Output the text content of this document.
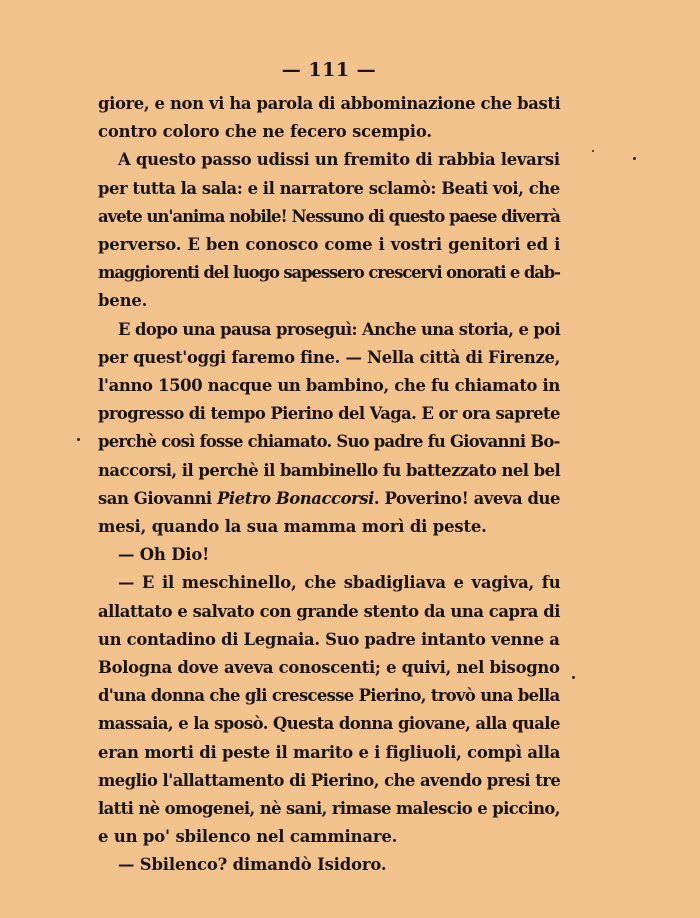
— 111 —

giore, e non vi ha parola di abbominazione che basti
contro coloro che ne fecero scempio.
A questo passo udissi un fremito di rabbia levarsi
per tutta la sala: e il narratore sclamò: Beati voi, che
avete un'anima nobile! Nessuno di questo paese diverrà
perverso. E ben conosco come i vostri genitori ed i
maggiorenti del luogo sapessero crescervi onorati e dab-
bene.
E dopo una pausa proseguì: Anche una storia, e poi
per quest'oggi faremo fine. — Nella città di Firenze,
l'anno 1500 nacque un bambino, che fu chiamato in
progresso di tempo Pierino del Vaga. E or ora saprete
perchè così fosse chiamato. Suo padre fu Giovanni Bo-
naccorsi, il perchè il bambinello fu battezzato nel bel
san Giovanni Pietro Bonaccorsi. Poverino! aveva due
mesi, quando la sua mamma morì di peste.
— Oh Dio!
— E il meschinello, che sbadigliava e vagiva, fu
allattato e salvato con grande stento da una capra di
un contadino di Legnaia. Suo padre intanto venne a
Bologna dove aveva conoscenti; e quivi, nel bisogno
d'una donna che gli crescesse Pierino, trovò una bella
massaia, e la sposò. Questa donna giovane, alla quale
eran morti di peste il marito e i figliuoli, compì alla
meglio l'allattamento di Pierino, che avendo presi tre
latti nè omogenei, nè sani, rimase malescio e piccino,
e un po' sbilenco nel camminare.
— Sbilenco? dimandò Isidoro.
